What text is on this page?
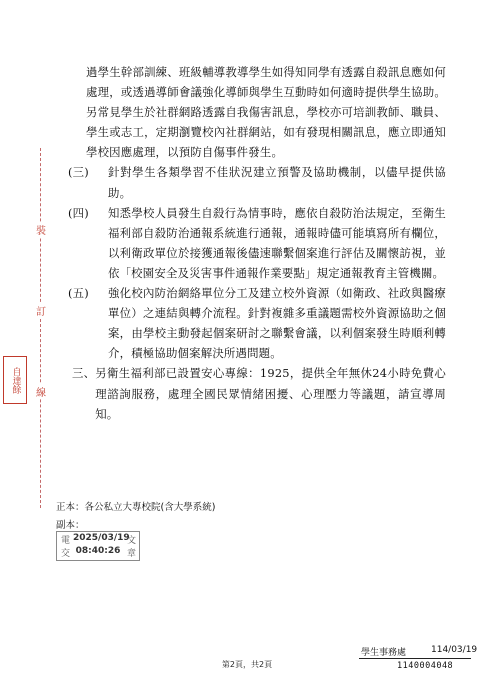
裝
訂
線
自達餘

過學生幹部訓練、班級輔導教導學生如得知同學有透露自殺訊息應如何處理，或透過導師會議強化導師與學生互動時如何適時提供學生協助。另常見學生於社群網路透露自我傷害訊息，學校亦可培訓教師、職員、學生或志工，定期瀏覽校內社群網站，如有發現相關訊息，應立即通知學校因應處理，以預防自傷事件發生。

(三)	針對學生各類學習不佳狀況建立預警及協助機制，以儘早提供協助。
(四)	知悉學校人員發生自殺行為情事時，應依自殺防治法規定，至衛生福利部自殺防治通報系統進行通報，通報時儘可能填寫所有欄位，以利衛政單位於接獲通報後儘速聯繫個案進行評估及關懷訪視，並依「校園安全及災害事件通報作業要點」規定通報教育主管機關。
(五)	強化校內防治網絡單位分工及建立校外資源（如衛政、社政與醫療單位）之連結與轉介流程。針對複雜多重議題需校外資源協助之個案，由學校主動發起個案研討之聯繫會議，以利個案發生時順利轉介，積極協助個案解決所遇問題。
三、 另衛生福利部已設置安心專線：1925，提供全年無休24小時免費心理諮詢服務，處理全國民眾情緒困擾、心理壓力等議題，請宣導周知。
正本：各公私立大專校院(含大學系統)
副本：
電
交
文
章
2025/03/19
08:40:26
學生事務處	114/03/19
1140004048
第2頁，共2頁
